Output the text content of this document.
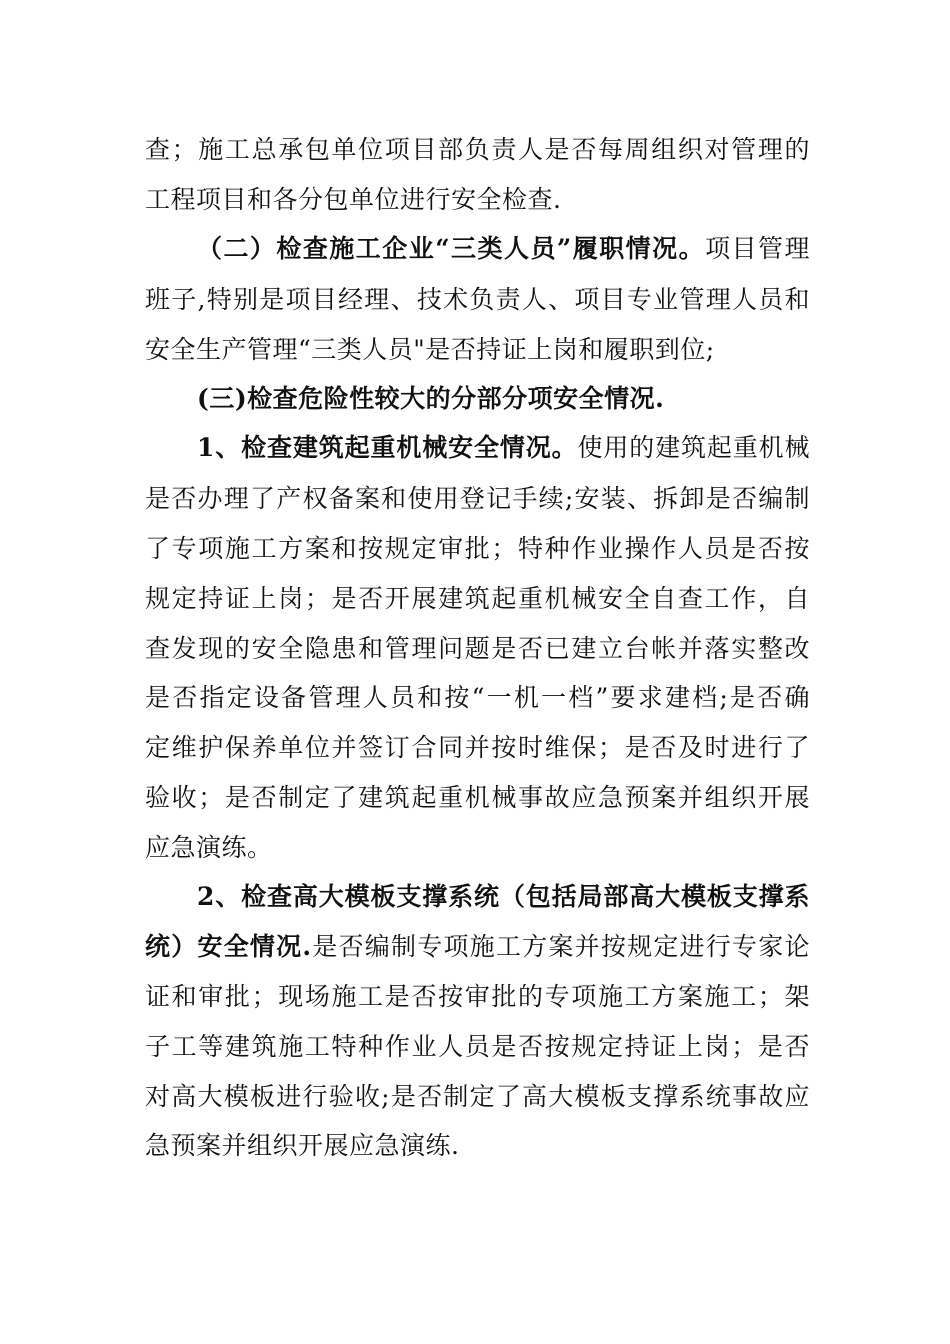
查；施工总承包单位项目部负责人是否每周组织对管理的
工程项目和各分包单位进行安全检查.
（二）检查施工企业“三类人员”履职情况。项目管理
班子,特别是项目经理、技术负责人、项目专业管理人员和
安全生产管理“三类人员"是否持证上岗和履职到位;
(三)检查危险性较大的分部分项安全情况.
1、检查建筑起重机械安全情况。使用的建筑起重机械
是否办理了产权备案和使用登记手续;安装、拆卸是否编制
了专项施工方案和按规定审批；特种作业操作人员是否按
规定持证上岗；是否开展建筑起重机械安全自查工作，自
查发现的安全隐患和管理问题是否已建立台帐并落实整改
是否指定设备管理人员和按“一机一档”要求建档;是否确
定维护保养单位并签订合同并按时维保；是否及时进行了
验收；是否制定了建筑起重机械事故应急预案并组织开展
应急演练。
2、检查高大模板支撑系统（包括局部高大模板支撑系
统）安全情况.是否编制专项施工方案并按规定进行专家论
证和审批；现场施工是否按审批的专项施工方案施工；架
子工等建筑施工特种作业人员是否按规定持证上岗；是否
对高大模板进行验收;是否制定了高大模板支撑系统事故应
急预案并组织开展应急演练.
